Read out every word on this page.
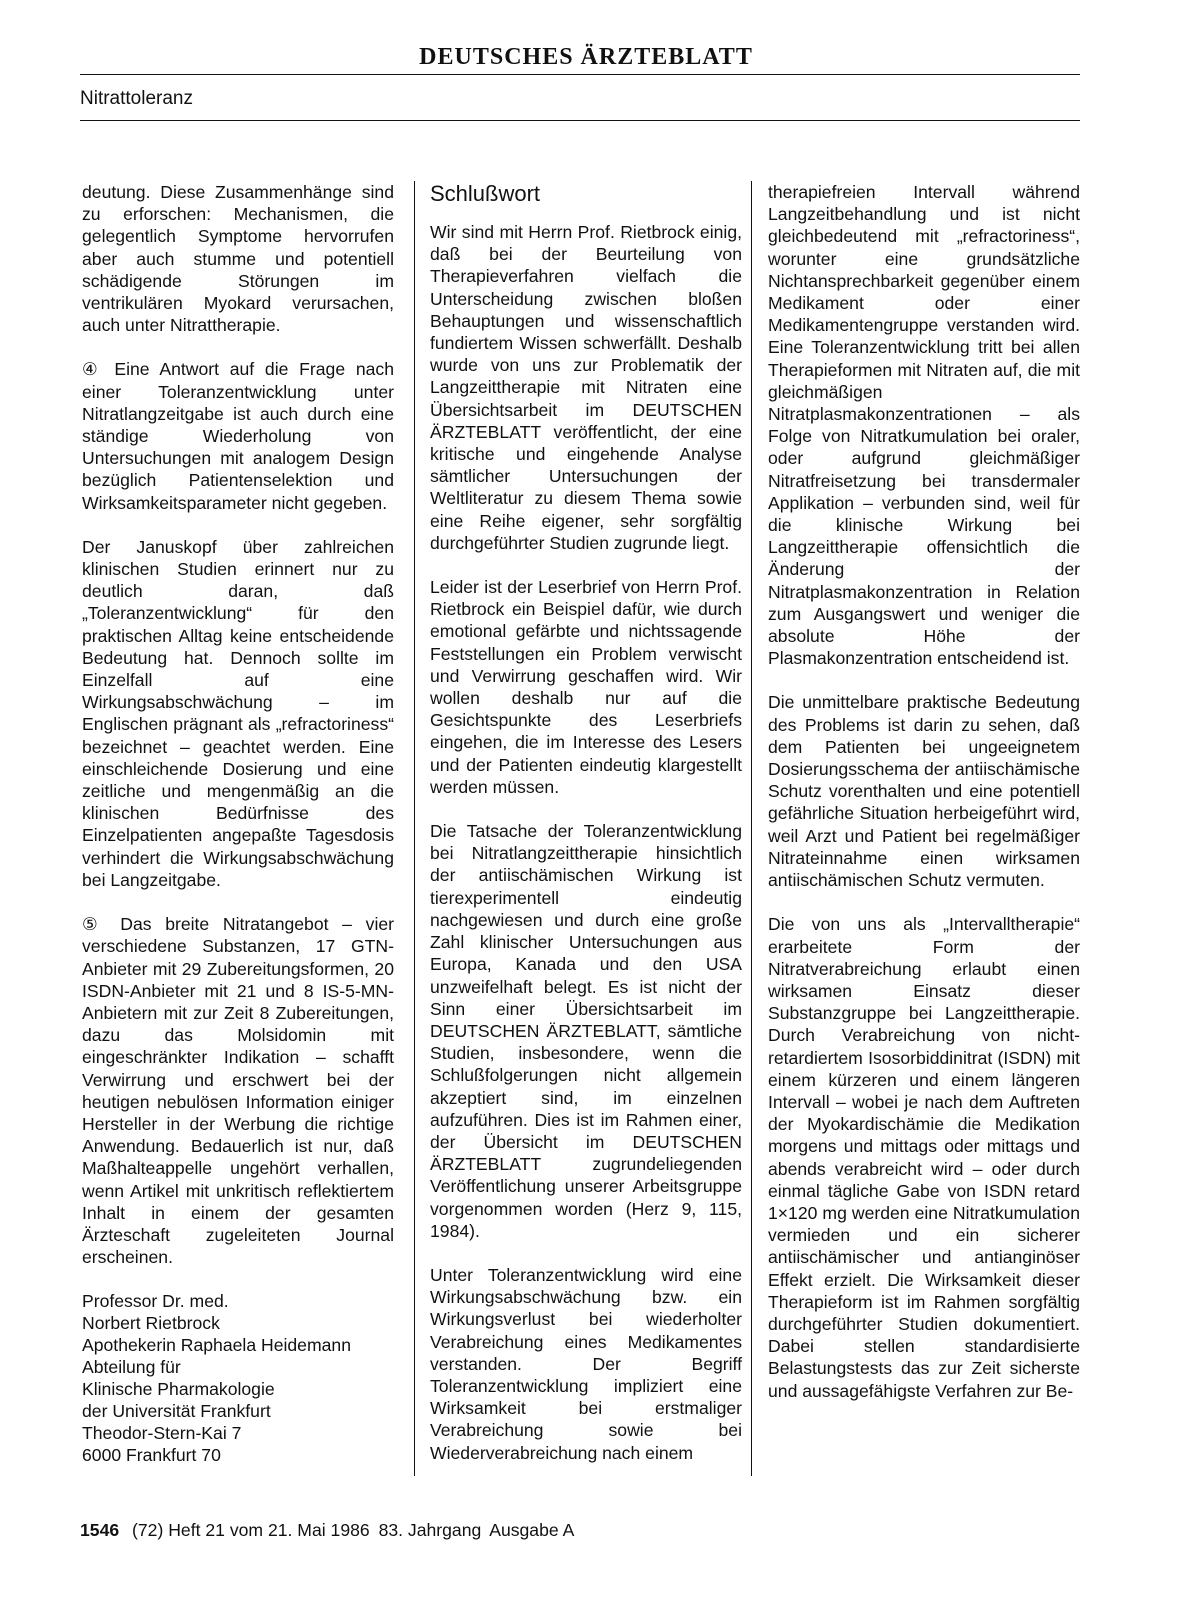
DEUTSCHES ÄRZTEBLATT
Nitrattoleranz

deutung. Diese Zusammenhänge sind zu erforschen: Mechanismen, die gelegentlich Symptome hervorrufen aber auch stumme und potentiell schädigende Störungen im ventrikulären Myokard verursachen, auch unter Nitrattherapie.

④ Eine Antwort auf die Frage nach einer Toleranzentwicklung unter Nitratlangzeitgabe ist auch durch eine ständige Wiederholung von Untersuchungen mit analogem Design bezüglich Patientenselektion und Wirksamkeitsparameter nicht gegeben.

Der Januskopf über zahlreichen klinischen Studien erinnert nur zu deutlich daran, daß „Toleranzentwicklung“ für den praktischen Alltag keine entscheidende Bedeutung hat. Dennoch sollte im Einzelfall auf eine Wirkungsabschwächung – im Englischen prägnant als „refractoriness“ bezeichnet – geachtet werden. Eine einschleichende Dosierung und eine zeitliche und mengenmäßig an die klinischen Bedürfnisse des Einzelpatienten angepaßte Tagesdosis verhindert die Wirkungsabschwächung bei Langzeitgabe.

⑤ Das breite Nitratangebot – vier verschiedene Substanzen, 17 GTN-Anbieter mit 29 Zubereitungsformen, 20 ISDN-Anbieter mit 21 und 8 IS-5-MN-Anbietern mit zur Zeit 8 Zubereitungen, dazu das Molsidomin mit eingeschränkter Indikation – schafft Verwirrung und erschwert bei der heutigen nebulösen Information einiger Hersteller in der Werbung die richtige Anwendung. Bedauerlich ist nur, daß Maßhalteappelle ungehört verhallen, wenn Artikel mit unkritisch reflektiertem Inhalt in einem der gesamten Ärzteschaft zugeleiteten Journal erscheinen.

Professor Dr. med.
Norbert Rietbrock
Apothekerin Raphaela Heidemann
Abteilung für
Klinische Pharmakologie
der Universität Frankfurt
Theodor-Stern-Kai 7
6000 Frankfurt 70
Schlußwort

Wir sind mit Herrn Prof. Rietbrock einig, daß bei der Beurteilung von Therapieverfahren vielfach die Unterscheidung zwischen bloßen Behauptungen und wissenschaftlich fundiertem Wissen schwerfällt. Deshalb wurde von uns zur Problematik der Langzeittherapie mit Nitraten eine Übersichtsarbeit im DEUTSCHEN ÄRZTEBLATT veröffentlicht, der eine kritische und eingehende Analyse sämtlicher Untersuchungen der Weltliteratur zu diesem Thema sowie eine Reihe eigener, sehr sorgfältig durchgeführter Studien zugrunde liegt.

Leider ist der Leserbrief von Herrn Prof. Rietbrock ein Beispiel dafür, wie durch emotional gefärbte und nichtssagende Feststellungen ein Problem verwischt und Verwirrung geschaffen wird. Wir wollen deshalb nur auf die Gesichtspunkte des Leserbriefs eingehen, die im Interesse des Lesers und der Patienten eindeutig klargestellt werden müssen.

Die Tatsache der Toleranzentwicklung bei Nitratlangzeittherapie hinsichtlich der antiischämischen Wirkung ist tierexperimentell eindeutig nachgewiesen und durch eine große Zahl klinischer Untersuchungen aus Europa, Kanada und den USA unzweifelhaft belegt. Es ist nicht der Sinn einer Übersichtsarbeit im DEUTSCHEN ÄRZTEBLATT, sämtliche Studien, insbesondere, wenn die Schlußfolgerungen nicht allgemein akzeptiert sind, im einzelnen aufzuführen. Dies ist im Rahmen einer, der Übersicht im DEUTSCHEN ÄRZTEBLATT zugrundeliegenden Veröffentlichung unserer Arbeitsgruppe vorgenommen worden (Herz 9, 115, 1984).

Unter Toleranzentwicklung wird eine Wirkungsabschwächung bzw. ein Wirkungsverlust bei wiederholter Verabreichung eines Medikamentes verstanden. Der Begriff Toleranzentwicklung impliziert eine Wirksamkeit bei erstmaliger Verabreichung sowie bei Wiederverabreichung nach einem

therapiefreien Intervall während Langzeitbehandlung und ist nicht gleichbedeutend mit „refractoriness“, worunter eine grundsätzliche Nichtansprechbarkeit gegenüber einem Medikament oder einer Medikamentengruppe verstanden wird. Eine Toleranzentwicklung tritt bei allen Therapieformen mit Nitraten auf, die mit gleichmäßigen Nitratplasmakonzentrationen – als Folge von Nitratkumulation bei oraler, oder aufgrund gleichmäßiger Nitratfreisetzung bei transdermaler Applikation – verbunden sind, weil für die klinische Wirkung bei Langzeittherapie offensichtlich die Änderung der Nitratplasmakonzentration in Relation zum Ausgangswert und weniger die absolute Höhe der Plasmakonzentration entscheidend ist.

Die unmittelbare praktische Bedeutung des Problems ist darin zu sehen, daß dem Patienten bei ungeeignetem Dosierungsschema der antiischämische Schutz vorenthalten und eine potentiell gefährliche Situation herbeigeführt wird, weil Arzt und Patient bei regelmäßiger Nitrateinnahme einen wirksamen antiischämischen Schutz vermuten.

Die von uns als „Intervalltherapie“ erarbeitete Form der Nitratverabreichung erlaubt einen wirksamen Einsatz dieser Substanzgruppe bei Langzeittherapie. Durch Verabreichung von nicht-retardiertem Isosorbiddinitrat (ISDN) mit einem kürzeren und einem längeren Intervall – wobei je nach dem Auftreten der Myokardischämie die Medikation morgens und mittags oder mittags und abends verabreicht wird – oder durch einmal tägliche Gabe von ISDN retard 1×120 mg werden eine Nitratkumulation vermieden und ein sicherer antiischämischer und antianginöser Effekt erzielt. Die Wirksamkeit dieser Therapieform ist im Rahmen sorgfältig durchgeführter Studien dokumentiert. Dabei stellen standardisierte Belastungstests das zur Zeit sicherste und aussagefähigste Verfahren zur Be-

1546 (72) Heft 21 vom 21. Mai 1986 83. Jahrgang Ausgabe A
